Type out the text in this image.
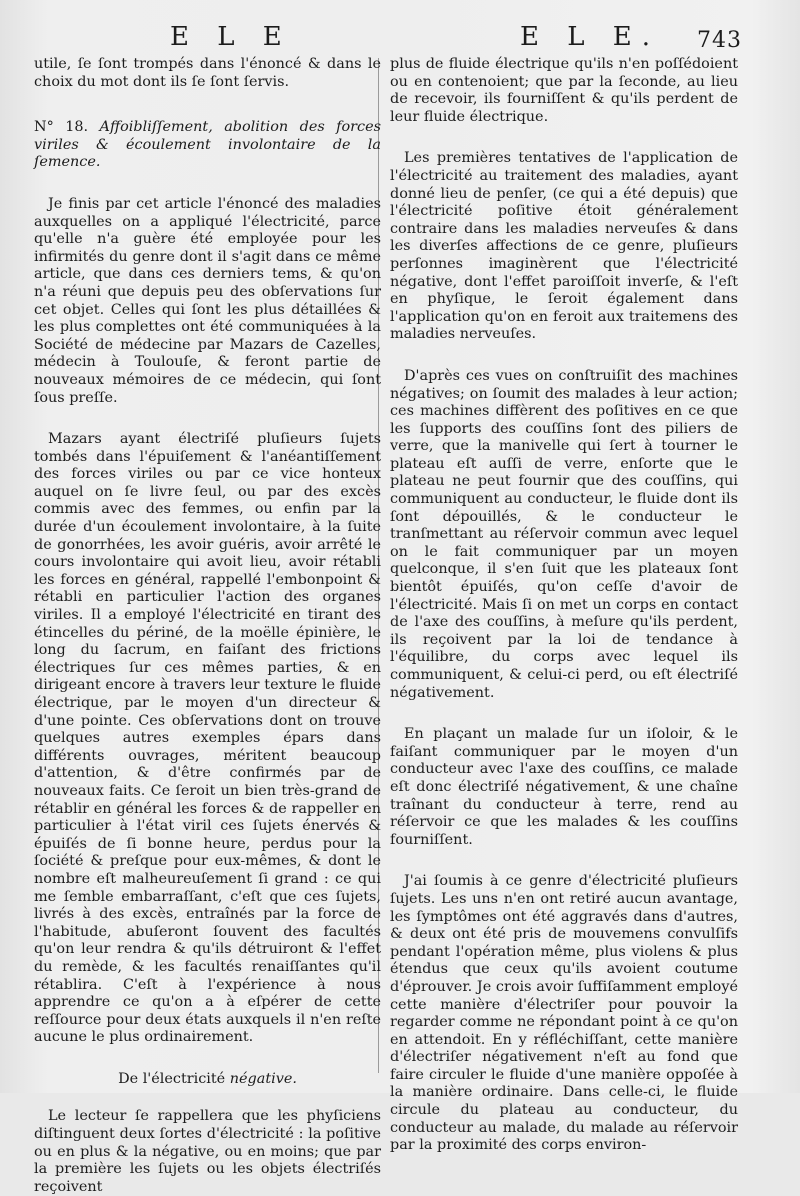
E L E	E L E. 743

utile, ſe ſont trompés dans l'énoncé & dans le choix du mot dont ils ſe ſont ſervis.

N° 18. Affoibliſſement, abolition des forces viriles & écoulement involontaire de la ſemence.

Je finis par cet article l'énoncé des maladies auxquelles on a appliqué l'électricité, parce qu'elle n'a guère été employée pour les infirmités du genre dont il s'agit dans ce même article, que dans ces derniers tems, & qu'on n'a réuni que depuis peu des obſervations ſur cet objet. Celles qui ſont les plus détaillées & les plus complettes ont été communiquées à la Société de médecine par Mazars de Cazelles, médecin à Toulouſe, & feront partie de nouveaux mémoires de ce médecin, qui ſont ſous preſſe.

Mazars ayant électriſé pluſieurs ſujets tombés dans l'épuiſement & l'anéantiſſement des forces viriles ou par ce vice honteux auquel on ſe livre ſeul, ou par des excès commis avec des femmes, ou enfin par la durée d'un écoulement involontaire, à la ſuite de gonorrhées, les avoir guéris, avoir arrêté le cours involontaire qui avoit lieu, avoir rétabli les forces en général, rappellé l'embonpoint & rétabli en particulier l'action des organes viriles. Il a employé l'électricité en tirant des étincelles du périné, de la moëlle épinière, le long du ſacrum, en faiſant des frictions électriques ſur ces mêmes parties, & en dirigeant encore à travers leur texture le fluide électrique, par le moyen d'un directeur & d'une pointe. Ces obſervations dont on trouve quelques autres exemples épars dans différents ouvrages, méritent beaucoup d'attention, & d'être confirmés par de nouveaux faits. Ce ſeroit un bien très-grand de rétablir en général les forces & de rappeller en particulier à l'état viril ces ſujets énervés & épuiſés de ſi bonne heure, perdus pour la ſociété & preſque pour eux-mêmes, & dont le nombre eſt malheureuſement ſi grand : ce qui me ſemble embarraſſant, c'eſt que ces ſujets, livrés à des excès, entraînés par la force de l'habitude, abuſeront ſouvent des facultés qu'on leur rendra & qu'ils détruiront & l'effet du remède, & les facultés renaiſſantes qu'il rétablira. C'eſt à l'expérience à nous apprendre ce qu'on a à eſpérer de cette reſſource pour deux états auxquels il n'en reſte aucune le plus ordinairement.

De l'électricité négative.

Le lecteur ſe rappellera que les phyſiciens diſtinguent deux ſortes d'électricité : la poſitive ou en plus & la négative, ou en moins; que par la première les ſujets ou les objets électriſés reçoivent

plus de fluide électrique qu'ils n'en poſſédoient ou en contenoient; que par la ſeconde, au lieu de recevoir, ils fourniſſent & qu'ils perdent de leur fluide électrique.

Les premières tentatives de l'application de l'électricité au traitement des maladies, ayant donné lieu de penſer, (ce qui a été depuis) que l'électricité poſitive étoit généralement contraire dans les maladies nerveuſes & dans les diverſes affections de ce genre, pluſieurs perſonnes imaginèrent que l'électricité négative, dont l'effet paroiſſoit inverſe, & l'eſt en phyſique, le ſeroit également dans l'application qu'on en feroit aux traitemens des maladies nerveuſes.

D'après ces vues on conſtruiſit des machines négatives; on ſoumit des malades à leur action; ces machines diffèrent des poſitives en ce que les ſupports des couſſins ſont des piliers de verre, que la manivelle qui ſert à tourner le plateau eſt auſſi de verre, enſorte que le plateau ne peut fournir que des couſſins, qui communiquent au conducteur, le fluide dont ils ſont dépouillés, & le conducteur le tranſmettant au réſervoir commun avec lequel on le fait communiquer par un moyen quelconque, il s'en ſuit que les plateaux ſont bientôt épuiſés, qu'on ceſſe d'avoir de l'électricité. Mais ſi on met un corps en contact de l'axe des couſſins, à meſure qu'ils perdent, ils reçoivent par la loi de tendance à l'équilibre, du corps avec lequel ils communiquent, & celui-ci perd, ou eſt électriſé négativement.

En plaçant un malade ſur un iſoloir, & le faiſant communiquer par le moyen d'un conducteur avec l'axe des couſſins, ce malade eſt donc électriſé négativement, & une chaîne traînant du conducteur à terre, rend au réſervoir ce que les malades & les couſſins fourniſſent.

J'ai ſoumis à ce genre d'électricité pluſieurs ſujets. Les uns n'en ont retiré aucun avantage, les ſymptômes ont été aggravés dans d'autres, & deux ont été pris de mouvemens convulſifs pendant l'opération même, plus violens & plus étendus que ceux qu'ils avoient coutume d'éprouver. Je crois avoir ſuffiſamment employé cette manière d'électriſer pour pouvoir la regarder comme ne répondant point à ce qu'on en attendoit. En y réfléchiſſant, cette manière d'électriſer négativement n'eſt au fond que faire circuler le fluide d'une manière oppoſée à la manière ordinaire. Dans celle-ci, le fluide circule du plateau au conducteur, du conducteur au malade, du malade au réſervoir par la proximité des corps environ-
